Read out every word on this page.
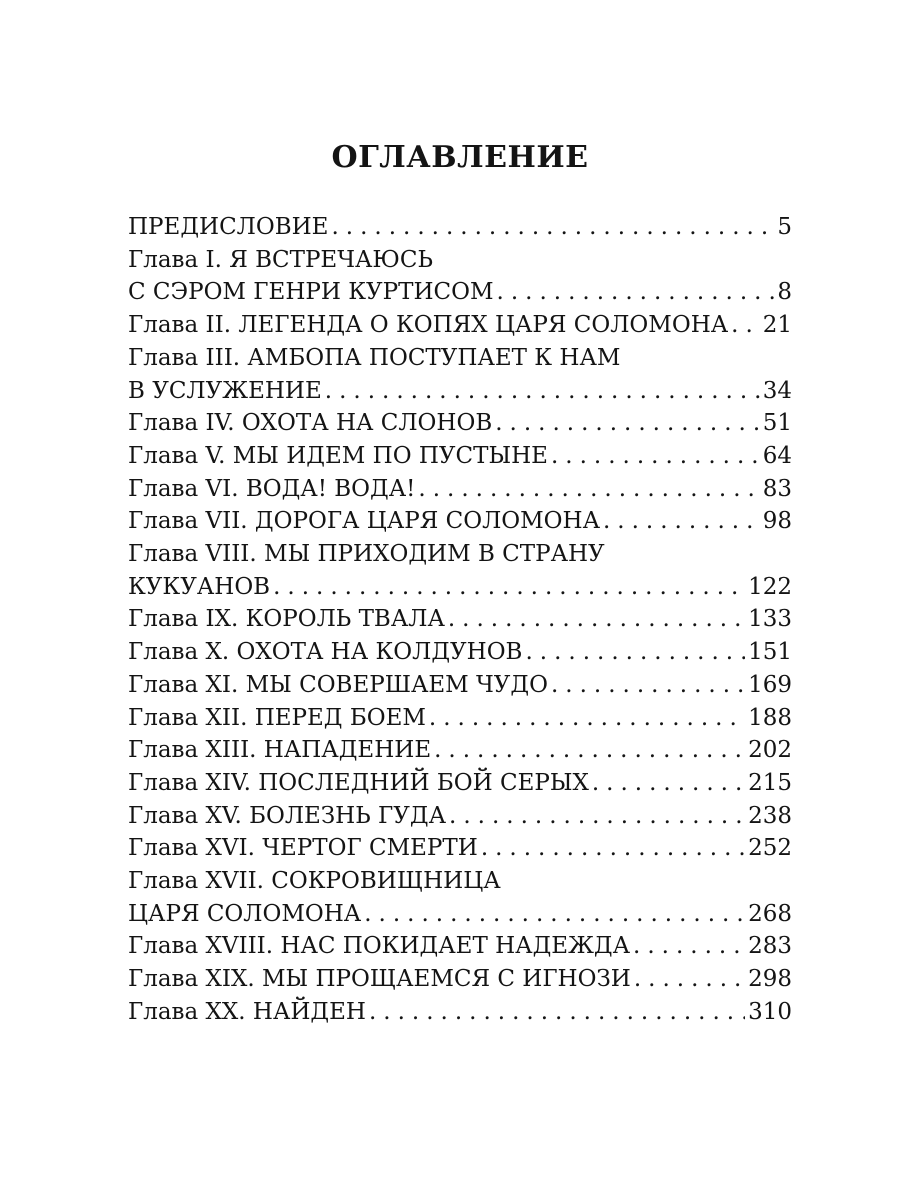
ОГЛАВЛЕНИЕ
ПРЕДИСЛОВИЕ .....	5
Глава I. Я ВСТРЕЧАЮСЬ
С СЭРОМ ГЕНРИ КУРТИСОМ .....	8
Глава II. ЛЕГЕНДА О КОПЯХ ЦАРЯ СОЛОМОНА ..... 21
Глава III. АМБОПА ПОСТУПАЕТ К НАМ
В УСЛУЖЕНИЕ .....	34
Глава IV. ОХОТА НА СЛОНОВ .....	51
Глава V. МЫ ИДЕМ ПО ПУСТЫНЕ .....	64
Глава VI. ВОДА! ВОДА! .....	83
Глава VII. ДОРОГА ЦАРЯ СОЛОМОНА .....	98
Глава VIII. МЫ ПРИХОДИМ В СТРАНУ
КУКУАНОВ .....	122
Глава IX. КОРОЛЬ ТВАЛА .....	133
Глава X. ОХОТА НА КОЛДУНОВ .....	151
Глава XI. МЫ СОВЕРШАЕМ ЧУДО .....	169
Глава XII. ПЕРЕД БОЕМ .....	188
Глава XIII. НАПАДЕНИЕ .....	202
Глава XIV. ПОСЛЕДНИЙ БОЙ СЕРЫХ .....	215
Глава XV. БОЛЕЗНЬ ГУДА .....	238
Глава XVI. ЧЕРТОГ СМЕРТИ .....	252
Глава XVII. СОКРОВИЩНИЦА
ЦАРЯ СОЛОМОНА .....	268
Глава XVIII. НАС ПОКИДАЕТ НАДЕЖДА .....	283
Глава XIX. МЫ ПРОЩАЕМСЯ С ИГНОЗИ .....	298
Глава XX. НАЙДЕН .....	310
